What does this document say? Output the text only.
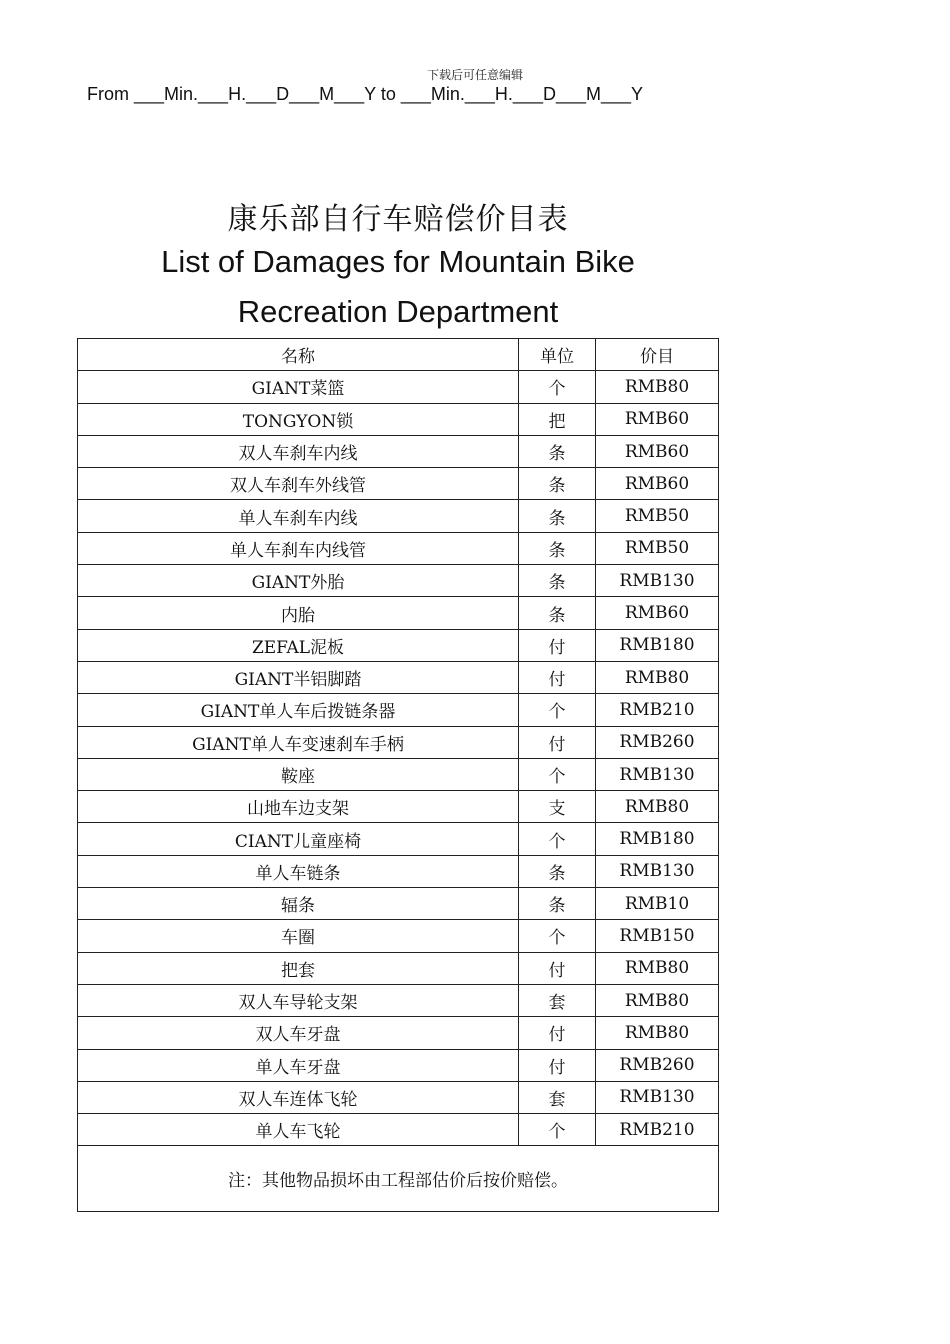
下载后可任意编辑
From ___Min.___H.___D___M___Y to ___Min.___H.___D___M___Y
康乐部自行车赔偿价目表
List of Damages for Mountain Bike
Recreation Department
名称	单位	价目
GIANT菜篮	个	RMB80
TONGYON锁	把	RMB60
双人车刹车内线	条	RMB60
双人车刹车外线管	条	RMB60
单人车刹车内线	条	RMB50
单人车刹车内线管	条	RMB50
GIANT外胎	条	RMB130
内胎	条	RMB60
ZEFAL泥板	付	RMB180
GIANT半铝脚踏	付	RMB80
GIANT单人车后拨链条器	个	RMB210
GIANT单人车变速刹车手柄	付	RMB260
鞍座	个	RMB130
山地车边支架	支	RMB80
CIANT儿童座椅	个	RMB180
单人车链条	条	RMB130
辐条	条	RMB10
车圈	个	RMB150
把套	付	RMB80
双人车导轮支架	套	RMB80
双人车牙盘	付	RMB80
单人车牙盘	付	RMB260
双人车连体飞轮	套	RMB130
单人车飞轮	个	RMB210
注：其他物品损坏由工程部估价后按价赔偿。		
